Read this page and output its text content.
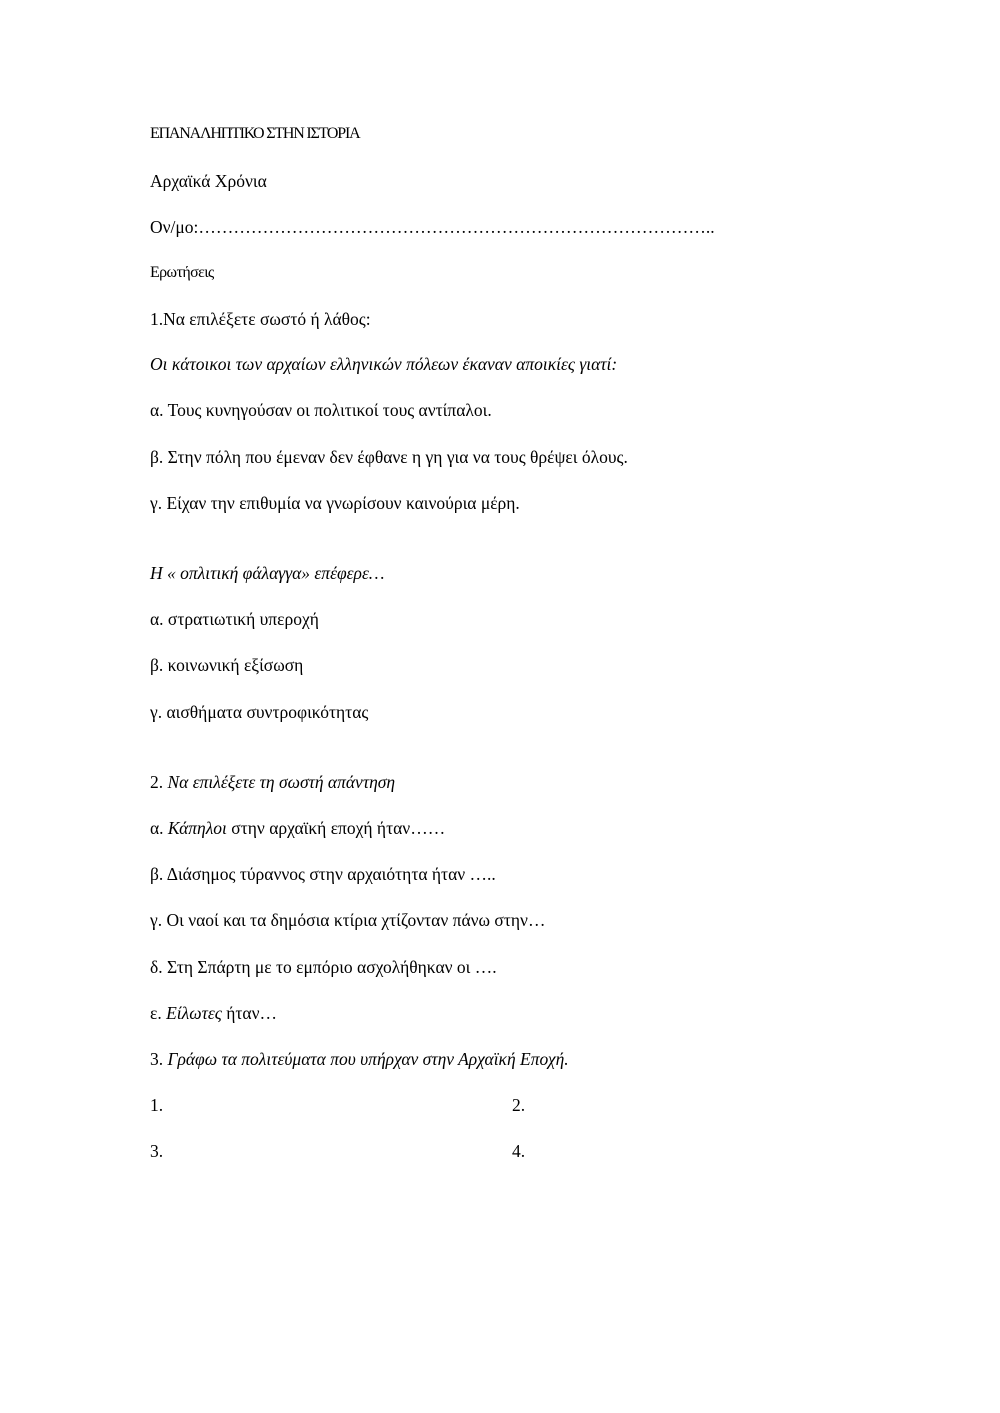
ΕΠΑΝΑΛΗΠΤΙΚΟ ΣΤΗΝ ΙΣΤΟΡΙΑ
Αρχαϊκά Χρόνια
Ον/μο:……………………………………………………………………………..
Ερωτήσεις
1.Να επιλέξετε σωστό ή λάθος:
Οι κάτοικοι των αρχαίων ελληνικών πόλεων έκαναν αποικίες γιατί:
α. Τους κυνηγούσαν οι πολιτικοί τους αντίπαλοι.
β. Στην πόλη που έμεναν δεν έφθανε η γη για να τους θρέψει όλους.
γ. Είχαν την επιθυμία να γνωρίσουν καινούρια μέρη.
Η « οπλιτική φάλαγγα» επέφερε…
α. στρατιωτική υπεροχή
β. κοινωνική εξίσωση
γ. αισθήματα συντροφικότητας
2. Να επιλέξετε τη σωστή απάντηση
α. Κάπηλοι στην αρχαϊκή εποχή ήταν……
β. Διάσημος τύραννος στην αρχαιότητα ήταν …..
γ. Οι ναοί και τα δημόσια κτίρια χτίζονταν πάνω στην…
δ. Στη Σπάρτη με το εμπόριο ασχολήθηκαν οι ….
ε. Είλωτες ήταν…
3. Γράφω τα πολιτεύματα που υπήρχαν στην Αρχαϊκή Εποχή.
1.	2.
3.	4.
